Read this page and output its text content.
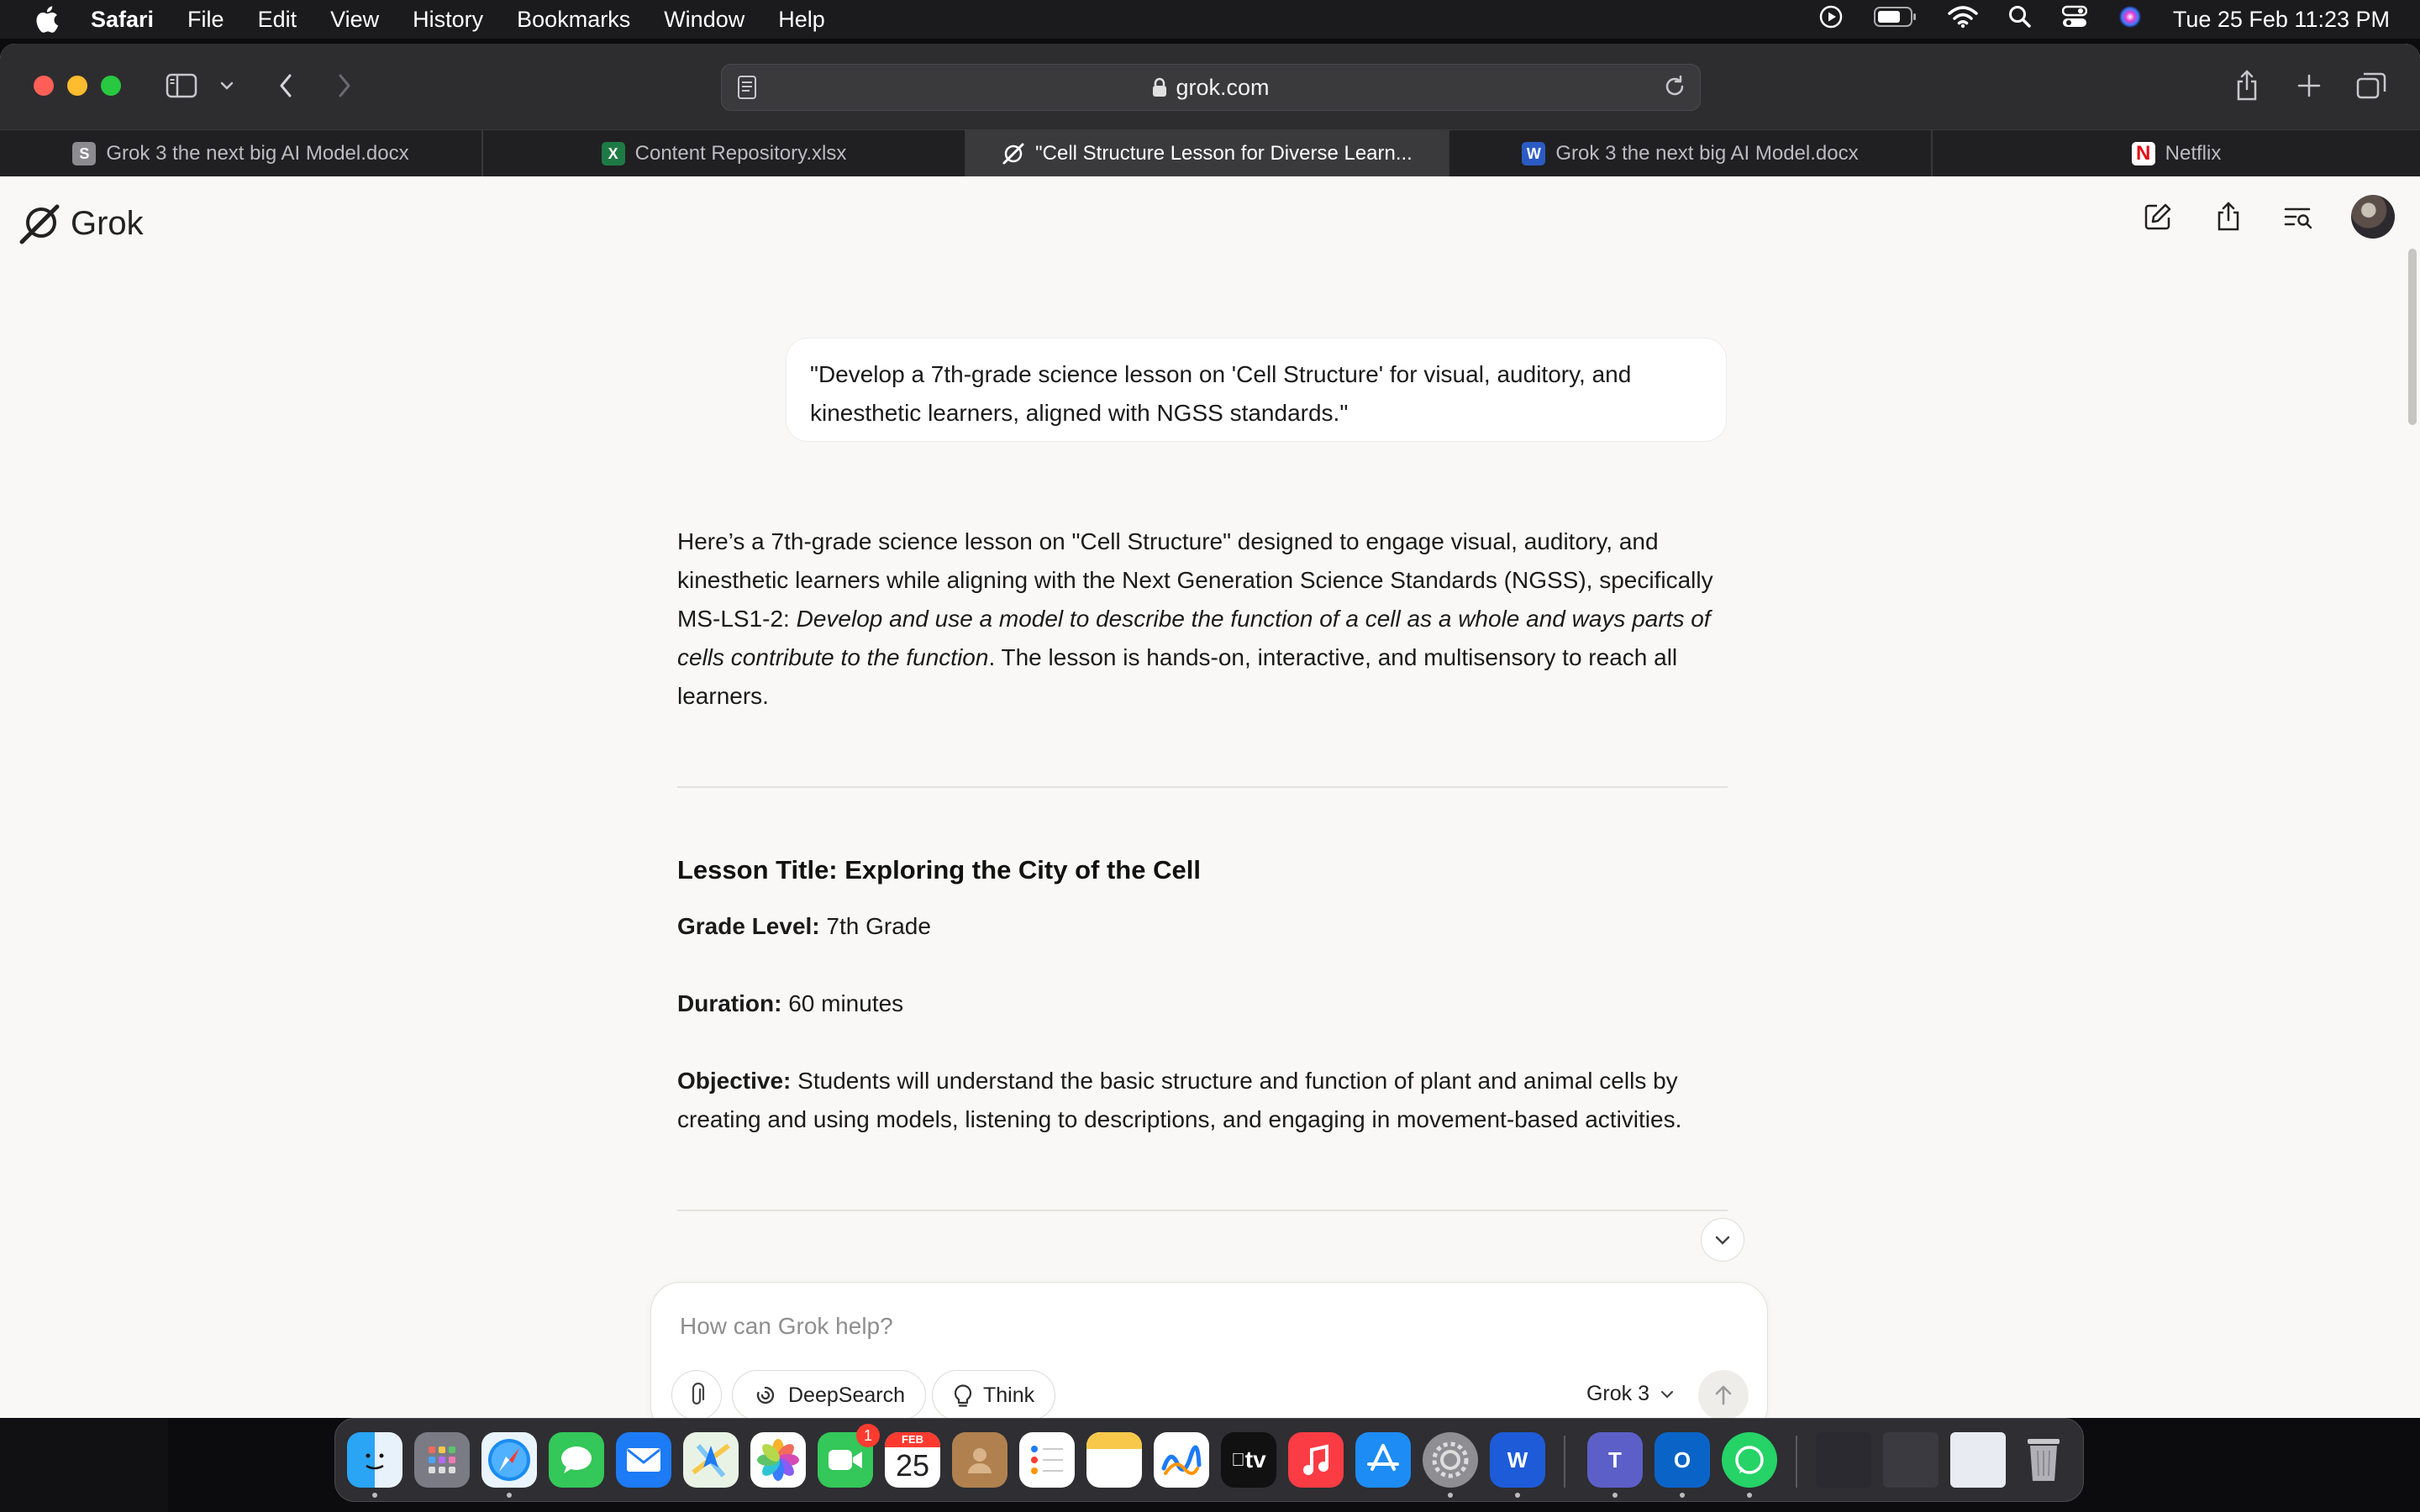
Safari File Edit View History Bookmarks Window Help	Tue 25 Feb 11:23 PM
grok.com
S Grok 3 the next big AI Model.docx	X Content Repository.xlsx	"Cell Structure Lesson for Diverse Learn...	W Grok 3 the next big AI Model.docx	N Netflix
Grok
"Develop a 7th-grade science lesson on 'Cell Structure' for visual, auditory, and kinesthetic learners, aligned with NGSS standards."

Here’s a 7th-grade science lesson on "Cell Structure" designed to engage visual, auditory, and kinesthetic learners while aligning with the Next Generation Science Standards (NGSS), specifically MS-LS1-2: Develop and use a model to describe the function of a cell as a whole and ways parts of cells contribute to the function. The lesson is hands-on, interactive, and multisensory to reach all learners.

Lesson Title: Exploring the City of the Cell
Grade Level: 7th Grade
Duration: 60 minutes
Objective: Students will understand the basic structure and function of plant and animal cells by creating and using models, listening to descriptions, and engaging in movement-based activities.
How can Grok help?
DeepSearch	Think	Grok 3
1	FEB
25	tv	W	T	O
